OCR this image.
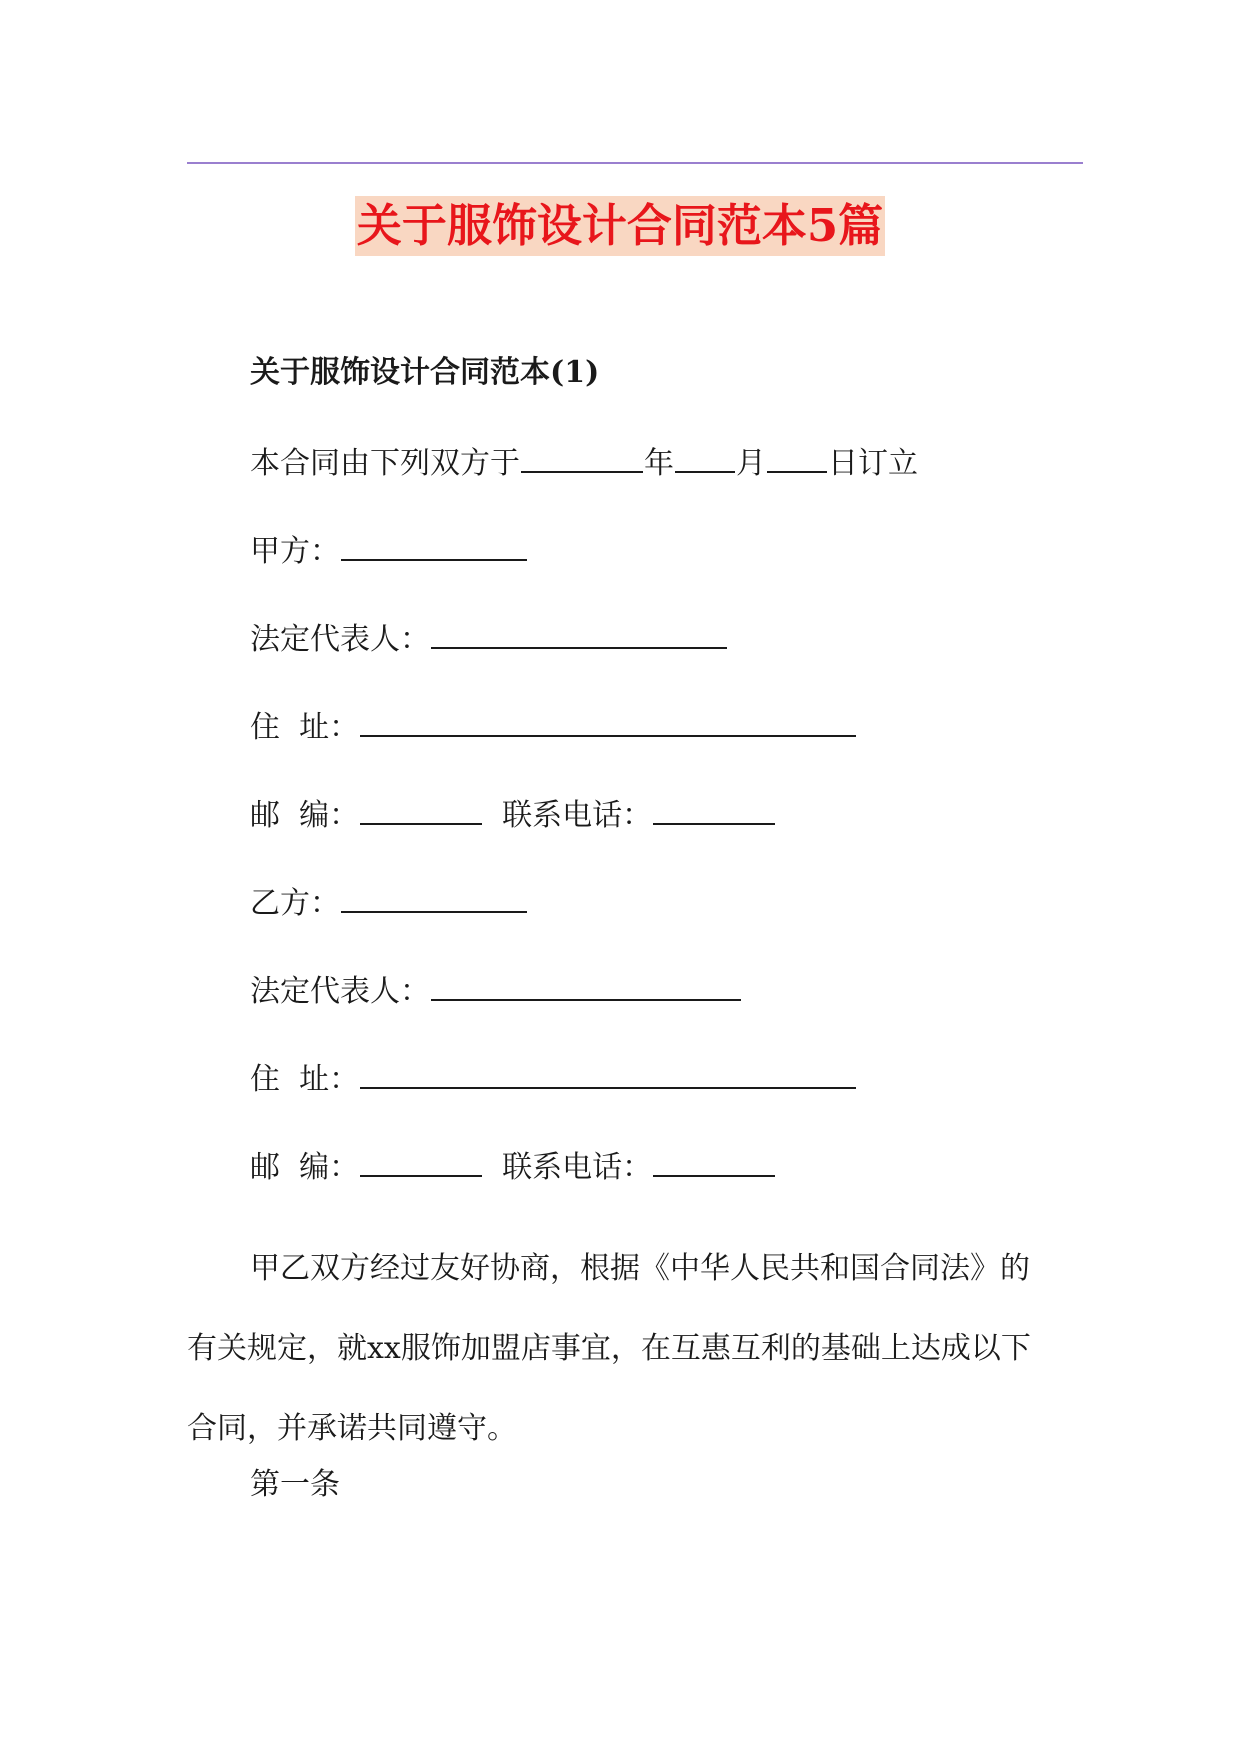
关于服饰设计合同范本5篇
关于服饰设计合同范本(1)
本合同由下列双方于	年 月 日订立
甲方：
法定代表人：
住  址：
邮  编：	联系电话：
乙方：
法定代表人：
住  址：
邮  编：	联系电话：
甲乙双方经过友好协商，根据《中华人民共和国合同法》的有关规定，就xx服饰加盟店事宜，在互惠互利的基础上达成以下合同，并承诺共同遵守。
第一条
